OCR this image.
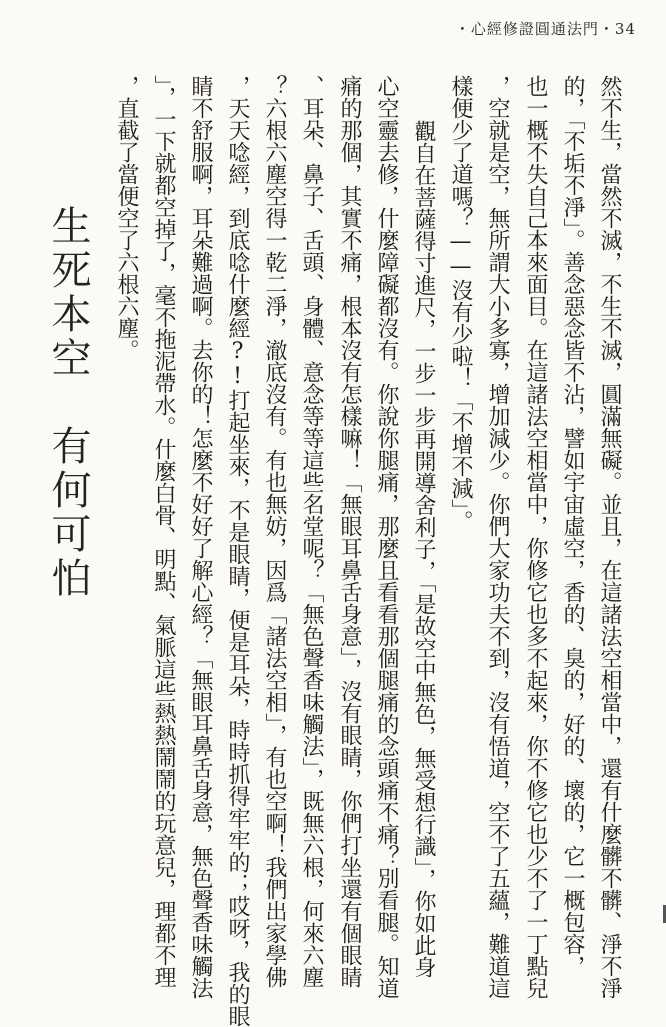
・心經修證圓通法門・34
然不生，當然不滅，不生不滅，圓滿無礙。並且，在這諸法空相當中，還有什麼髒不髒、淨不淨
的，「不垢不淨」。善念惡念皆不沾，譬如宇宙虛空，香的、臭的，好的、壞的，它一概包容，
也一概不失自己本來面目。在這諸法空相當中，你修它也多不起來，你不修它也少不了一丁點兒
，空就是空，無所謂大小多寡，增加減少。你們大家功夫不到，沒有悟道，空不了五蘊，難道這
樣便少了道嗎？——沒有少啦！「不增不減」。
觀自在菩薩得寸進尺，一步一步再開導舍利子，「是故空中無色，無受想行識」，你如此身
心空靈去修，什麼障礙都沒有。你說你腿痛，那麼且看看那個腿痛的念頭痛不痛？別看腿。知道
痛的那個，其實不痛，根本沒有怎樣嘛！「無眼耳鼻舌身意」，沒有眼睛，你們打坐還有個眼睛
、耳朵、鼻子、舌頭、身體、意念等等這些名堂呢？「無色聲香味觸法」，既無六根，何來六塵
？六根六塵空得一乾二淨，澈底沒有。有也無妨，因爲「諸法空相」，有也空啊！我們出家學佛
，天天唸經，到底唸什麼經?!打起坐來，不是眼睛，便是耳朵，時時抓得牢牢的；哎呀，我的眼
睛不舒服啊，耳朵難過啊。去你的！怎麼不好好了解心經？「無眼耳鼻舌身意，無色聲香味觸法
」，一下就都空掉了，毫不拖泥帶水。什麼白骨、明點、氣脈這些熱熱鬧鬧的玩意兒，理都不理
，直截了當便空了六根六塵。
生死本空　有何可怕
